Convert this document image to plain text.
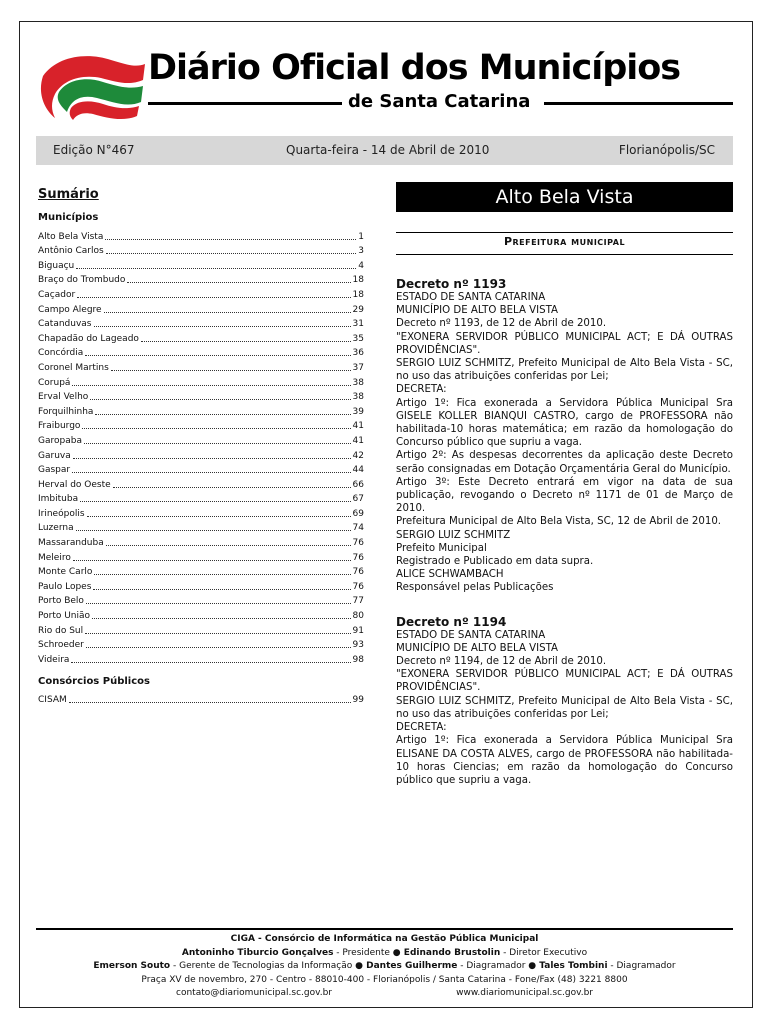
Diário Oficial dos Municípios
de Santa Catarina
Edição N°467	Quarta-feira - 14 de Abril de 2010	Florianópolis/SC
Sumário
Municípios
Alto Bela Vista	1
Antônio Carlos	3
Biguaçu	4
Braço do Trombudo	18
Caçador	18
Campo Alegre	29
Catanduvas	31
Chapadão do Lageado	35
Concórdia	36
Coronel Martins	37
Corupá	38
Erval Velho	38
Forquilhinha	39
Fraiburgo	41
Garopaba	41
Garuva	42
Gaspar	44
Herval do Oeste	66
Imbituba	67
Irineópolis	69
Luzerna	74
Massaranduba	76
Meleiro	76
Monte Carlo	76
Paulo Lopes	76
Porto Belo	77
Porto União	80
Rio do Sul	91
Schroeder	93
Videira	98
Consórcios Públicos
CISAM	99
Alto Bela Vista
Prefeitura municipal
Decreto nº 1193

ESTADO DE SANTA CATARINA

MUNICÍPIO DE ALTO BELA VISTA

Decreto nº 1193, de 12 de Abril de 2010.

"EXONERA SERVIDOR PÚBLICO MUNICIPAL ACT; E DÁ OUTRAS PROVIDÊNCIAS".

SERGIO LUIZ SCHMITZ, Prefeito Municipal de Alto Bela Vista - SC, no uso das atribuições conferidas por Lei;

DECRETA:

Artigo 1º: Fica exonerada a Servidora Pública Municipal Sra GISELE KOLLER BIANQUI CASTRO, cargo de PROFESSORA não habilitada-10 horas matemática; em razão da homologação do Concurso público que supriu a vaga.

Artigo 2º: As despesas decorrentes da aplicação deste Decreto serão consignadas em Dotação Orçamentária Geral do Município.

Artigo 3º: Este Decreto entrará em vigor na data de sua publicação, revogando o Decreto nº 1171 de 01 de Março de 2010.

Prefeitura Municipal de Alto Bela Vista, SC, 12 de Abril de 2010.

SERGIO LUIZ SCHMITZ

Prefeito Municipal

Registrado e Publicado em data supra.

ALICE SCHWAMBACH

Responsável pelas Publicações

Decreto nº 1194

ESTADO DE SANTA CATARINA

MUNICÍPIO DE ALTO BELA VISTA

Decreto nº 1194, de 12 de Abril de 2010.

"EXONERA SERVIDOR PÚBLICO MUNICIPAL ACT; E DÁ OUTRAS PROVIDÊNCIAS".

SERGIO LUIZ SCHMITZ, Prefeito Municipal de Alto Bela Vista - SC, no uso das atribuições conferidas por Lei;

DECRETA:

Artigo 1º: Fica exonerada a Servidora Pública Municipal Sra ELISANE DA COSTA ALVES, cargo de PROFESSORA não habilitada-10 horas Ciencias; em razão da homologação do Concurso público que supriu a vaga.

CIGA - Consórcio de Informática na Gestão Pública Municipal
Antoninho Tiburcio Gonçalves - Presidente ● Edinando Brustolin - Diretor Executivo
Emerson Souto - Gerente de Tecnologias da Informação ● Dantes Guilherme - Diagramador ● Tales Tombini - Diagramador
Praça XV de novembro, 270 - Centro - 88010-400 - Florianópolis / Santa Catarina - Fone/Fax (48) 3221 8800
contato@diariomunicipal.sc.gov.br	www.diariomunicipal.sc.gov.br
